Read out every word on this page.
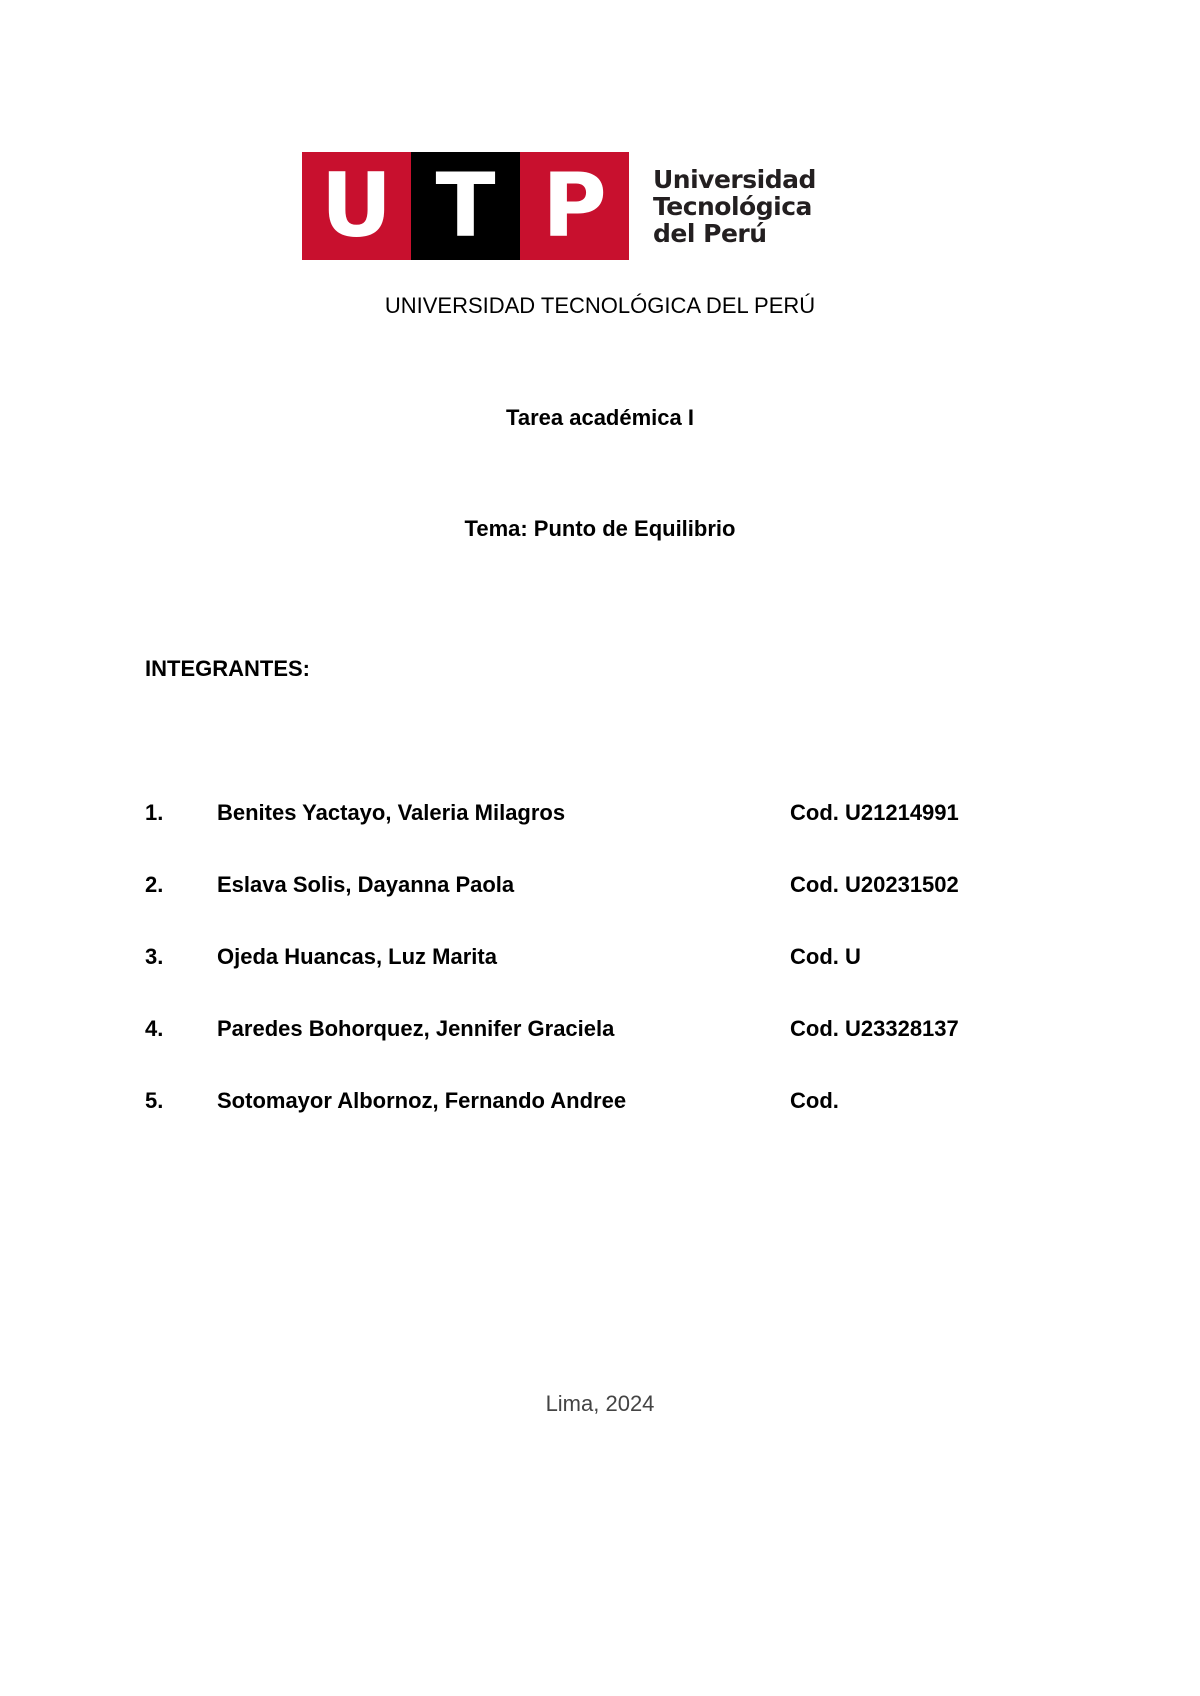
U T P Universidad
Tecnológica
del Perú
UNIVERSIDAD TECNOLÓGICA DEL PERÚ
Tarea académica I
Tema: Punto de Equilibrio
INTEGRANTES:
1. Benites Yactayo, Valeria Milagros	Cod. U21214991
2. Eslava Solis, Dayanna Paola	Cod. U20231502
3. Ojeda Huancas, Luz Marita	Cod. U
4. Paredes Bohorquez, Jennifer Graciela	Cod. U23328137
5. Sotomayor Albornoz, Fernando Andree	Cod.
Lima, 2024
